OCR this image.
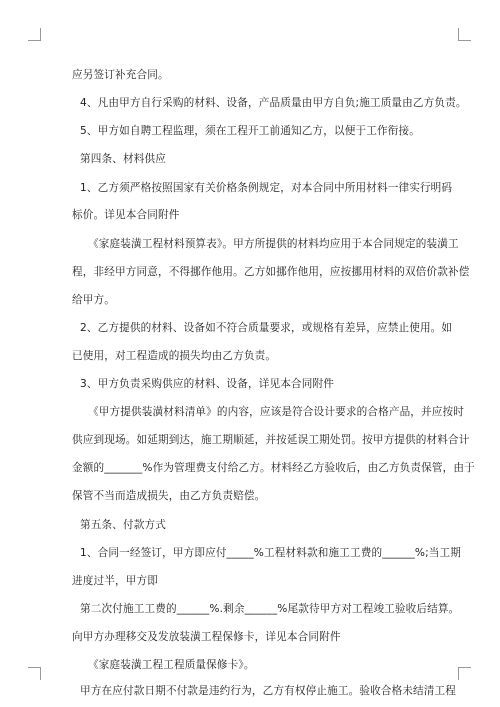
应另签订补充合同。
4、凡由甲方自行采购的材料、设备，产品质量由甲方自负;施工质量由乙方负责。
5、甲方如自聘工程监理，须在工程开工前通知乙方，以便于工作衔接。
第四条、材料供应
1、乙方须严格按照国家有关价格条例规定，对本合同中所用材料一律实行明码
标价。详见本合同附件
《家庭装潢工程材料预算表》。甲方所提供的材料均应用于本合同规定的装潢工
程，非经甲方同意，不得挪作他用。乙方如挪作他用，应按挪用材料的双倍价款补偿
给甲方。
2、乙方提供的材料、设备如不符合质量要求，或规格有差异，应禁止使用。如
已使用，对工程造成的损失均由乙方负责。
3、甲方负责采购供应的材料、设备，详见本合同附件
《甲方提供装潢材料清单》的内容，应该是符合设计要求的合格产品，并应按时
供应到现场。如延期到达，施工期顺延，并按延误工期处罚。按甲方提供的材料合计
金额的_______%作为管理费支付给乙方。材料经乙方验收后，由乙方负责保管，由于
保管不当而造成损失，由乙方负责赔偿。
第五条、付款方式
1、合同一经签订，甲方即应付_____%工程材料款和施工工费的______%;当工期
进度过半，甲方即
第二次付施工工费的______%.剩余______%尾款待甲方对工程竣工验收后结算。
向甲方办理移交及发放装潢工程保修卡，详见本合同附件
《家庭装潢工程工程质量保修卡》。
甲方在应付款日期不付款是违约行为，乙方有权停止施工。验收合格未结清工程
